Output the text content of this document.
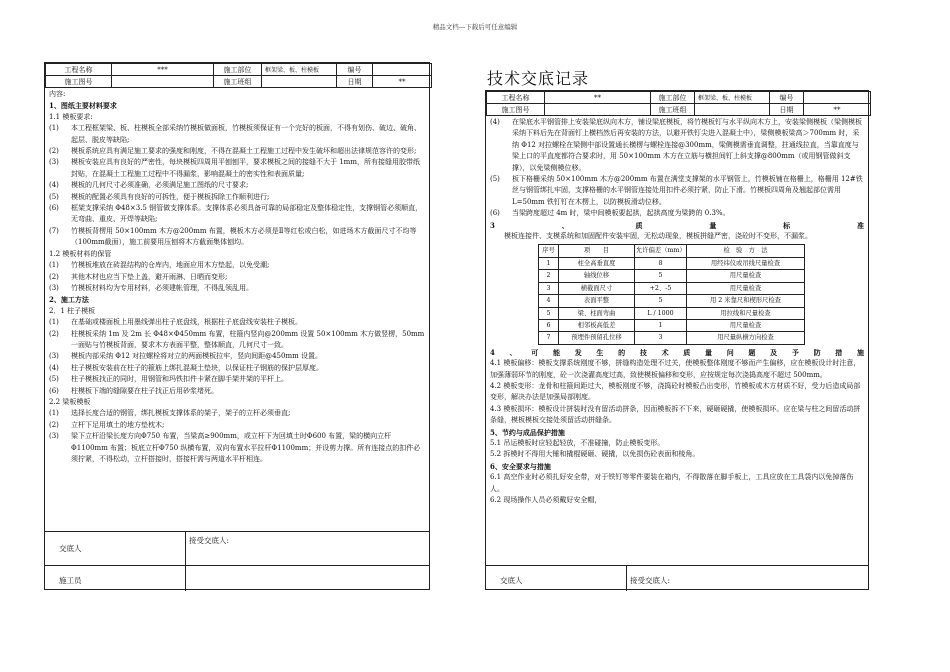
精品文档---下载后可任意编辑
技术交底记录
工程名称	***	施工部位	框架梁、板、柱模板	编号	
施工图号		施工班组		日期	**

内容:

1、图纸主要材料要求

1.1 模板要求:

(1) 本工程框架梁、板、柱模板全部采纳竹模板做面板，竹模板须保证有一个完好的板面，不得有划伤、破边、破角、起层、脱皮等缺陷;

(2) 模板系统应具有满足施工要求的强度和刚度，不得在混凝土工程施工过程中发生破坏和超出法律规范容许的变形;

(3) 模板安装应具有良好的严密性，每块模板四周用平刨刨平，要求模板之间的接缝不大于 1mm，所有接缝用胶带纸封贴，在混凝土工程施工过程中不得漏浆，影响混凝土的密实性和表面质量;

(4) 模板的几何尺寸必须准确，必须满足施工图纸的尺寸要求;

(5) 模板的配置必须具有良好的可拆性，便于模板拆除工作顺利进行;

(6) 框架支撑采纳 Φ48×3.5 钢管做支撑体系。支撑体系必须具备可靠的局部稳定及整体稳定性，支撑钢管必须顺直，无弯曲、重皮、开焊等缺陷;

(7) 竹模板背楞用 50×100mm 木方@200mm 布置，模板木方必须是Ⅱ等红松或白松，如进场木方截面尺寸不均等（100mm截面），施工前要用压刨将木方截面集体刨均。

1.2 模板材料的保管

(1) 竹模板堆放在砖混结构的仓库内，地面应用木方垫起，以免受潮;

(2) 其他木材也应当下垫上盖，避开雨淋、日晒而变形;

(3) 竹模板材料均为专用材料，必须建帐管理，不得乱领乱用。

2、施工方法

2．1 柱子模板

(1) 在基础或楼面板上用墨线弹出柱子底盘线，根据柱子底盘线安装柱子模板。

(2) 柱模板采纳 1m 及 2m 长 Φ48×Φ450mm 布置，柱箍内竖向@200mm 设置 50×100mm 木方做竖楞，50mm 一面贴与竹模板背面，要求木方表面平整，整体顺直，几何尺寸一致。

(3) 模板内部采纳 Φ12 对拉螺栓将对立的两面模板拉牢，竖向间距@450mm 设置。

(4) 柱子模板安装前在柱子的箍筋上绑扎混凝土垫块，以保证柱子钢筋的保护层厚度。

(5) 柱子模板找正的同时，用钢管和玛铁扣件卡紧在脚手架井架的平杆上。

(6) 柱模板下端的缝隙要在柱子找正后用砂浆堵死。

2.2 梁板模板

(1) 选择长度合适的钢管，绑扎模板支撑体系的架子，架子的立杆必须垂直;

(2) 立杆下足用填土的地方垫枕木;

(3) 梁下立杆沿梁长度方向Φ750 布置，当梁高≥900mm，或立杆下为回填土时Φ600 布置，梁的横向立杆Φ1100mm 布置；板底立杆Φ750 纵横布置，双向布置水平拉杆Φ1100mm；并设剪力撑。所有连接点的扣件必须拧紧，不得松动，立杆搭接时，搭接杆需与两道水平杆相连。

交底人
接受交底人:
施工员
工程名称	**	施工部位	框架梁、板、柱模板	编号	
施工图号		施工班组		日期	**

(4) 在梁底水平钢管排上安装梁底纵向木方，铺设梁底模板，将竹模板钉与水平纵向木方上，安装梁侧模板（梁侧模板采纳下料后先在背面钉上横档然后再安装的方法，以避开铁钉尖进入混凝土中），梁侧模板梁高＞700mm 时，采纳 Φ12 对拉螺栓在梁侧中部设置通长横楞与螺栓连接@300mm，梁侧模需垂直调整，拄通线拉直，当靠直度与梁上口的平直度都符合要求时，用 50×100mm 木方在立筋与横担间钉上斜支撑@800mm（或用钢管做斜支撑），以免梁侧模位移。

(5) 板下格栅采纳 50×100mm 木方@200mm 布置在满堂支撑架的水平钢管上，竹模板铺在格栅上，格栅用 12#铁丝与钢管绑扎牢固，支撑格栅的水平钢管连接处用扣件必须拧紧，防止下滑。竹模板四周角及翘起部位需用 L=50mm 铁钉钉在木楞上，以防模板滑动位移。

(6) 当梁跨度超过 4m 时，梁中间模板要起拱，起拱高度为梁跨的 0.3%。

3、质量标准

模板连接件、支模系统和加固配件安装牢固，无松动现象，模板拼缝严密，浇砼时不变形，不漏浆。

序号	项　　目	允许偏差（mm）	检　验　方　法
1	柱全高垂直度	8	用经纬仪或吊线尺量检查
2	轴线位移	5	用尺量检查
3	横截面尺寸	+2、-5	用尺量检查
4	表面平整	5	用 2 米靠尺和楔形尺检查
5	梁、柱面弯曲	L / 1000	用拉线和尺量检查
6	相邻板高低差	1	用尺量检查
7	预埋件预留孔位移	3	用尺量纵横方向检查

4、可能发生的技术质量问题及予防措施

4.1 模板偏移：模板支撑系统刚度不够，拼缝构造处理不过关，使模板整体刚度不够而产生偏移，应在模板设计时注意，加强薄弱环节的刚度，砼一次浇灌高度过高，致使模板偏移和变形，应按规定每次浇捣高度不超过 500mm。

4.2 模板变形：龙骨和柱箍间距过大，模板刚度不够，浇捣砼时模板凸出变形，竹模板或木方材质不好，受力后造成局部变形，解决办法是加强局部刚度。

4.3 模板损坏：模板设计拼装时没有留活动拼条，因而模板拆不下来，硬砸硬撬，使模板损坏。应在梁与柱之间留活动拼条缝，模板模板交接处须留活动拼缝条。

5、节约与成品保护措施

5.1 吊运模板时应轻起轻放，不准碰撞，防止模板变形。

5.2 拆模时不得用大锤和撬棍硬砸、硬撬，以免损伤砼表面和棱角。

6、安全要求与措施

6.1 高空作业时必须扎好安全带，对于铁钉等零件要装在箱内，不得散落在脚手板上，工具应放在工具袋内以免掉落伤人。

6.2 现场操作人员必须戴好安全帽，

交底人	接受交底人:
